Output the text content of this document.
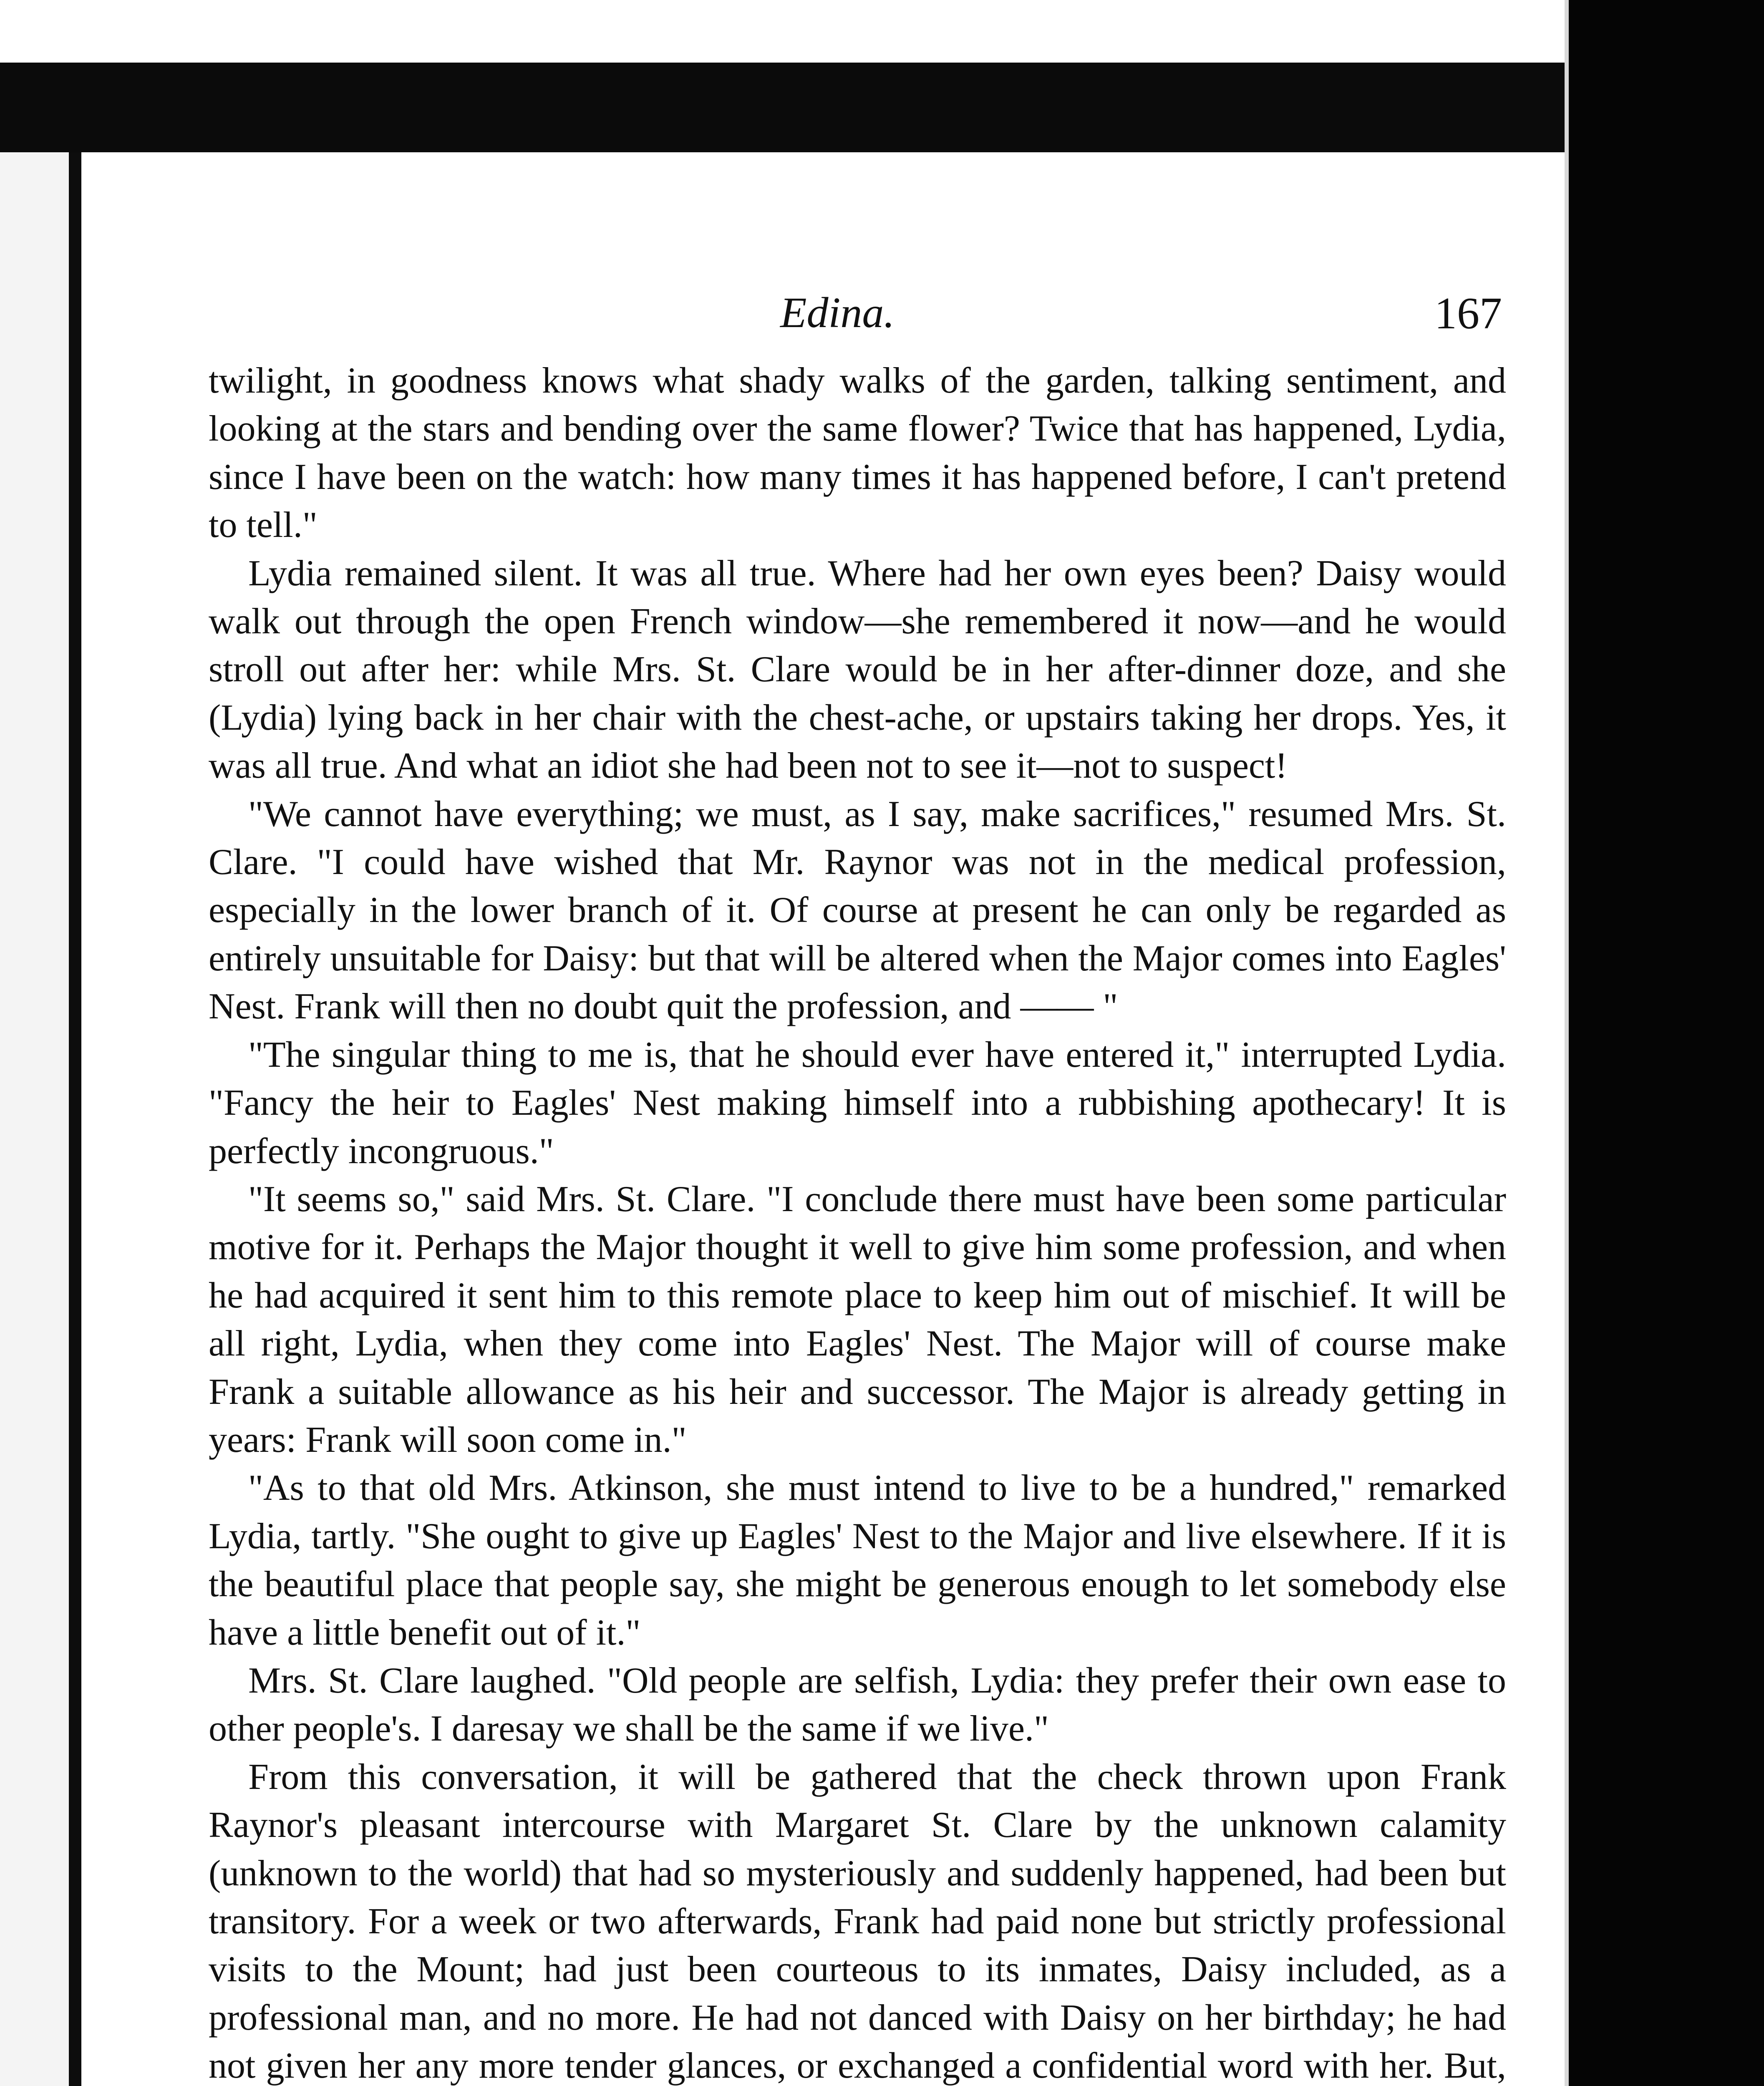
Edina.	167

twilight, in goodness knows what shady walks of the garden, talking sentiment, and looking at the stars and bending over the same flower? Twice that has happened, Lydia, since I have been on the watch: how many times it has happened before, I can't pretend to tell."

Lydia remained silent. It was all true. Where had her own eyes been? Daisy would walk out through the open French window—she remembered it now—and he would stroll out after her: while Mrs. St. Clare would be in her after-dinner doze, and she (Lydia) lying back in her chair with the chest-ache, or upstairs taking her drops. Yes, it was all true. And what an idiot she had been not to see it—not to suspect!

"We cannot have everything; we must, as I say, make sacrifices," resumed Mrs. St. Clare. "I could have wished that Mr. Raynor was not in the medical profession, especially in the lower branch of it. Of course at present he can only be regarded as entirely unsuitable for Daisy: but that will be altered when the Major comes into Eagles' Nest. Frank will then no doubt quit the profession, and —— "

"The singular thing to me is, that he should ever have entered it," interrupted Lydia. "Fancy the heir to Eagles' Nest making himself into a rubbishing apothecary! It is perfectly incongruous."

"It seems so," said Mrs. St. Clare. "I conclude there must have been some particular motive for it. Perhaps the Major thought it well to give him some profession, and when he had acquired it sent him to this remote place to keep him out of mischief. It will be all right, Lydia, when they come into Eagles' Nest. The Major will of course make Frank a suitable allowance as his heir and successor. The Major is already getting in years: Frank will soon come in."

"As to that old Mrs. Atkinson, she must intend to live to be a hundred," remarked Lydia, tartly. "She ought to give up Eagles' Nest to the Major and live elsewhere. If it is the beautiful place that people say, she might be generous enough to let somebody else have a little benefit out of it."

Mrs. St. Clare laughed. "Old people are selfish, Lydia: they prefer their own ease to other people's. I daresay we shall be the same if we live."

From this conversation, it will be gathered that the check thrown upon Frank Raynor's pleasant intercourse with Margaret St. Clare by the unknown calamity (unknown to the world) that had so mysteriously and suddenly happened, had been but transitory. For a week or two afterwards, Frank had paid none but strictly professional visits to the Mount; had just been courteous to its inmates, Daisy included, as a professional man, and no more. He had not danced with Daisy on her birthday; he had not given her any more tender glances, or exchanged a confidential word with her. But,
